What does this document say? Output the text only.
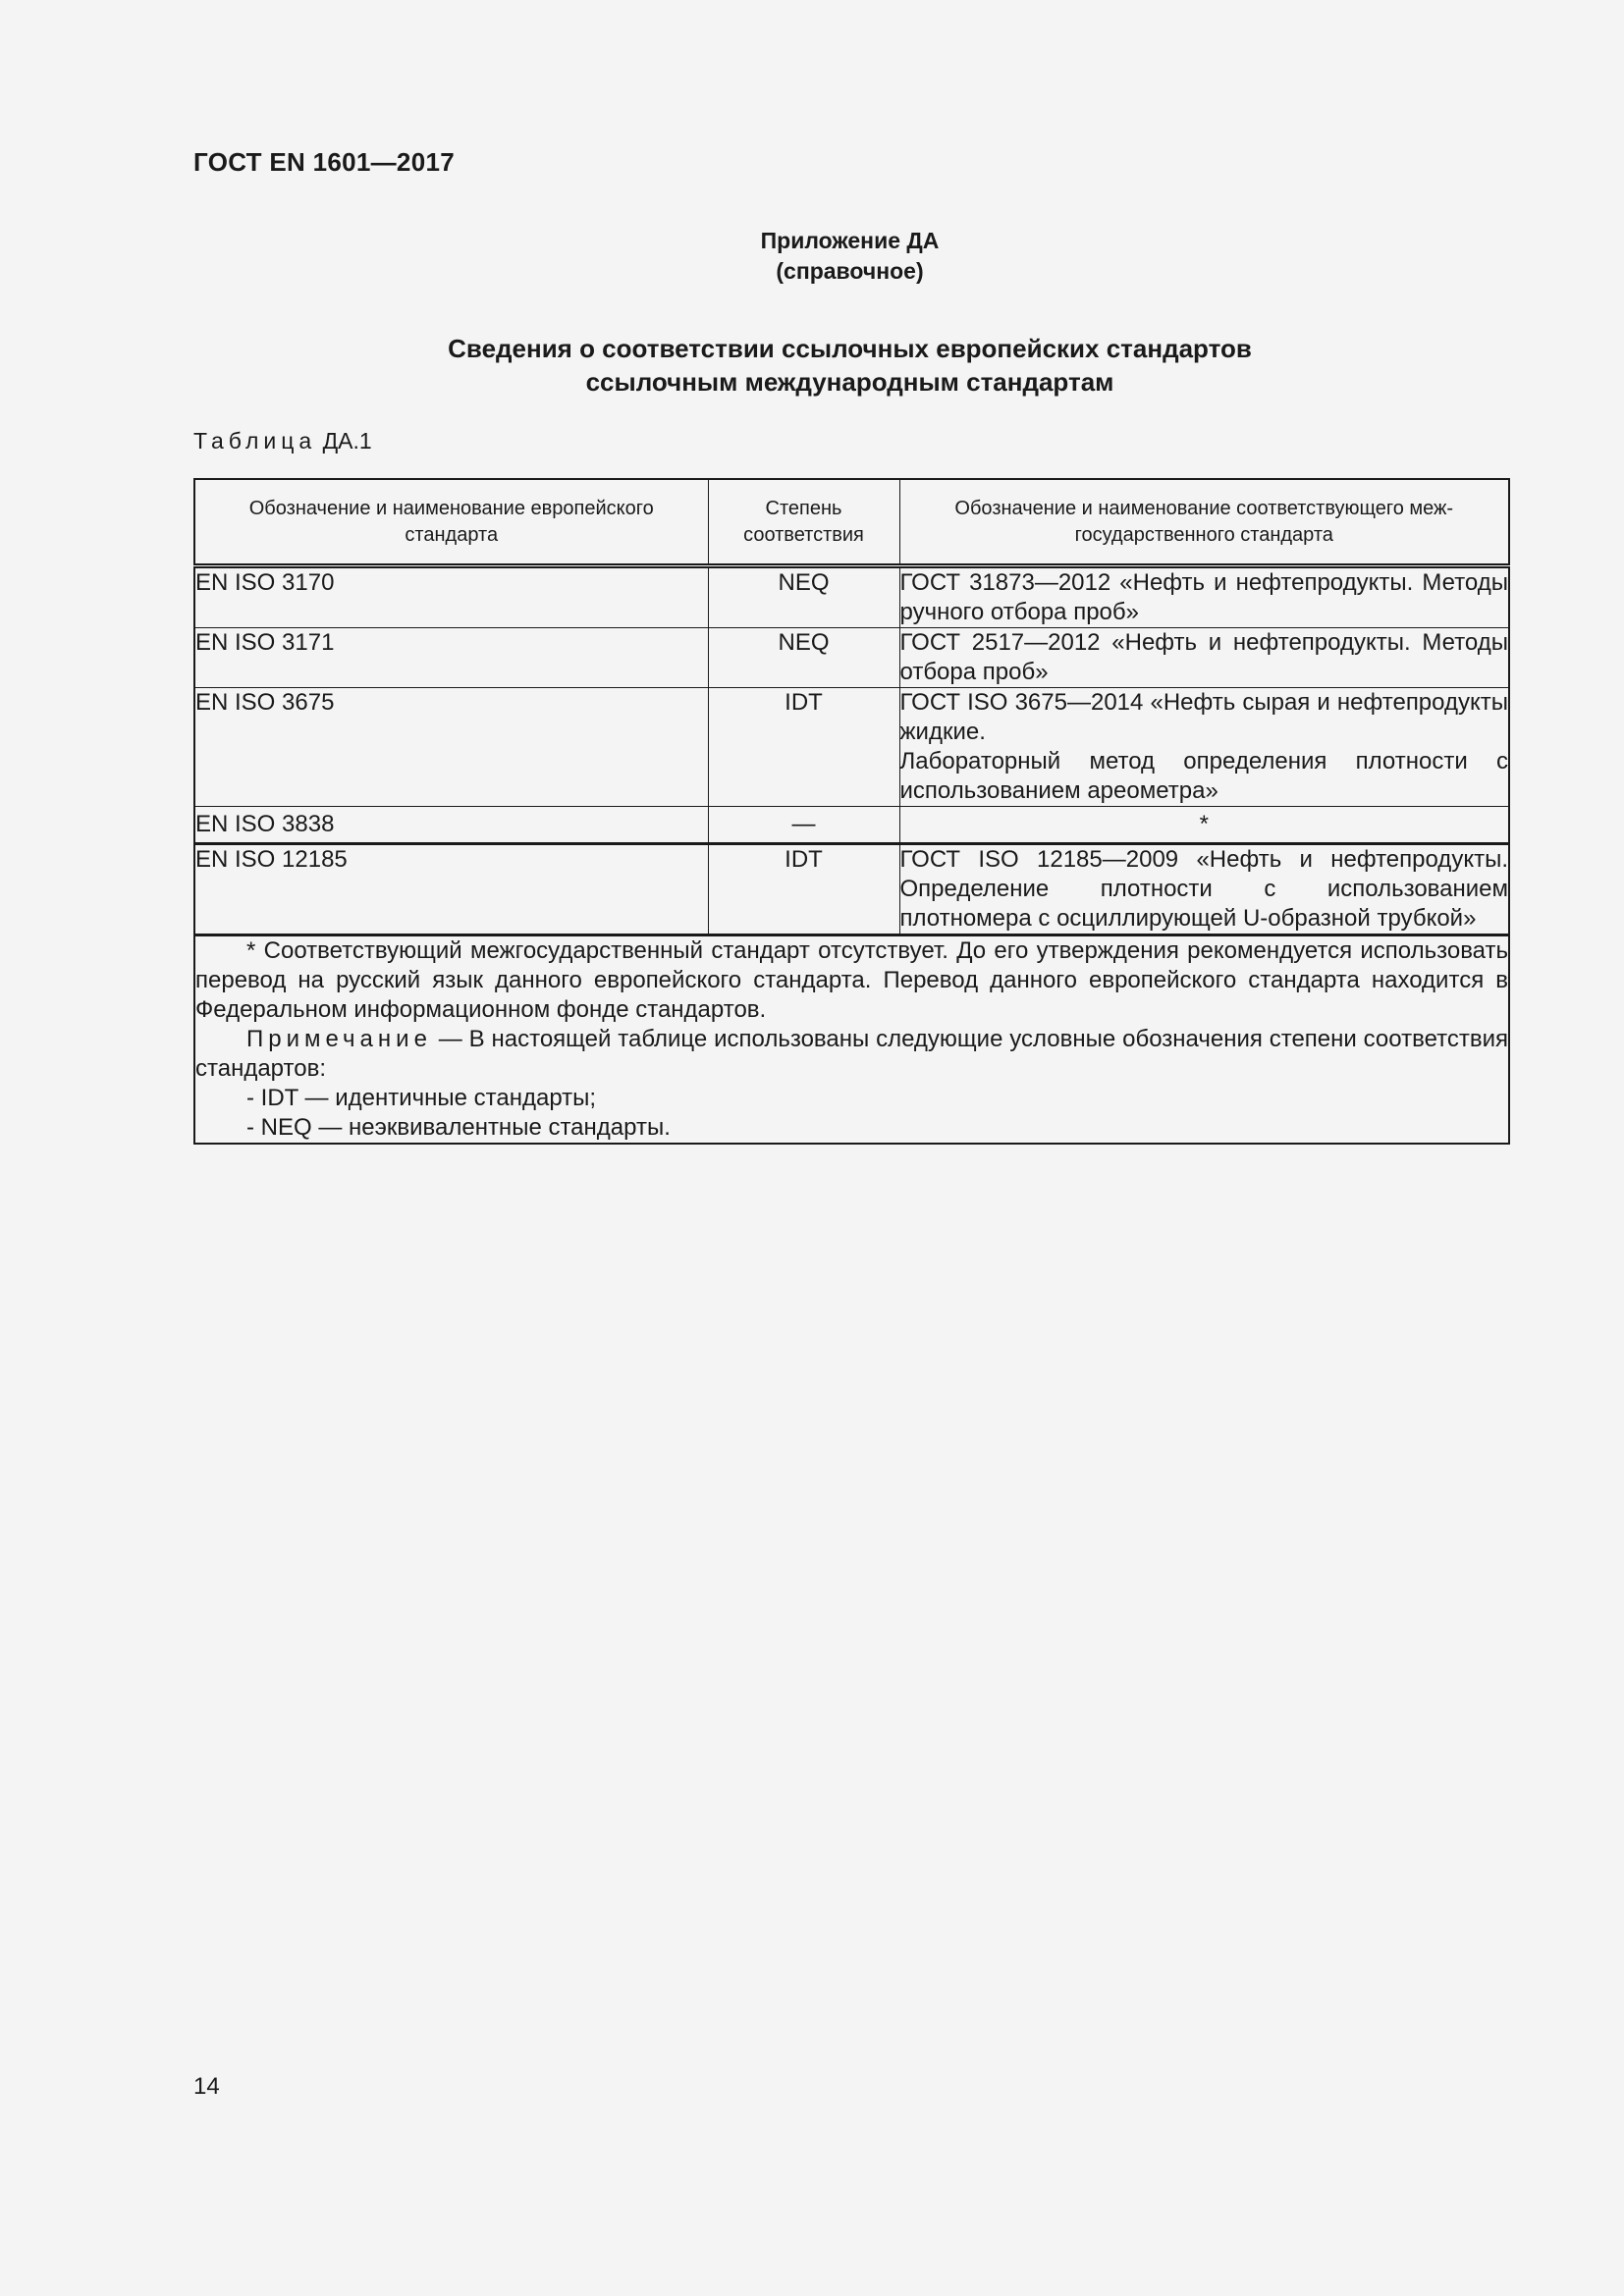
ГОСТ EN 1601—2017
Приложение ДА
(справочное)
Сведения о соответствии ссылочных европейских стандартов
ссылочным международным стандартам
Таблица ДА.1
Обозначение и наименование европейского стандарта	Степень соответствия	Обозначение и наименование соответствующего меж-государственного стандарта
EN ISO 3170	NEQ	ГОСТ 31873—2012 «Нефть и нефтепродукты. Методы ручного отбора проб»
EN ISO 3171	NEQ	ГОСТ 2517—2012 «Нефть и нефтепродукты. Методы отбора проб»
EN ISO 3675	IDT	ГОСТ ISO 3675—2014 «Нефть сырая и нефтепродукты жидкие.
Лабораторный метод определения плотности с использованием ареометра»

EN ISO 3838	—	*
EN ISO 12185	IDT	ГОСТ ISO 12185—2009 «Нефть и нефтепродукты. Определение плотности с использованием плотномера с осциллирующей U-образной трубкой»

* Соответствующий межгосударственный стандарт отсутствует. До его утверждения рекомендуется использовать перевод на русский язык данного европейского стандарта. Перевод данного европейского стандарта находится в Федеральном информационном фонде стандартов.
Примечание — В настоящей таблице использованы следующие условные обозначения степени соответствия стандартов:
- IDT — идентичные стандарты;
- NEQ — неэквивалентные стандарты.		
14
